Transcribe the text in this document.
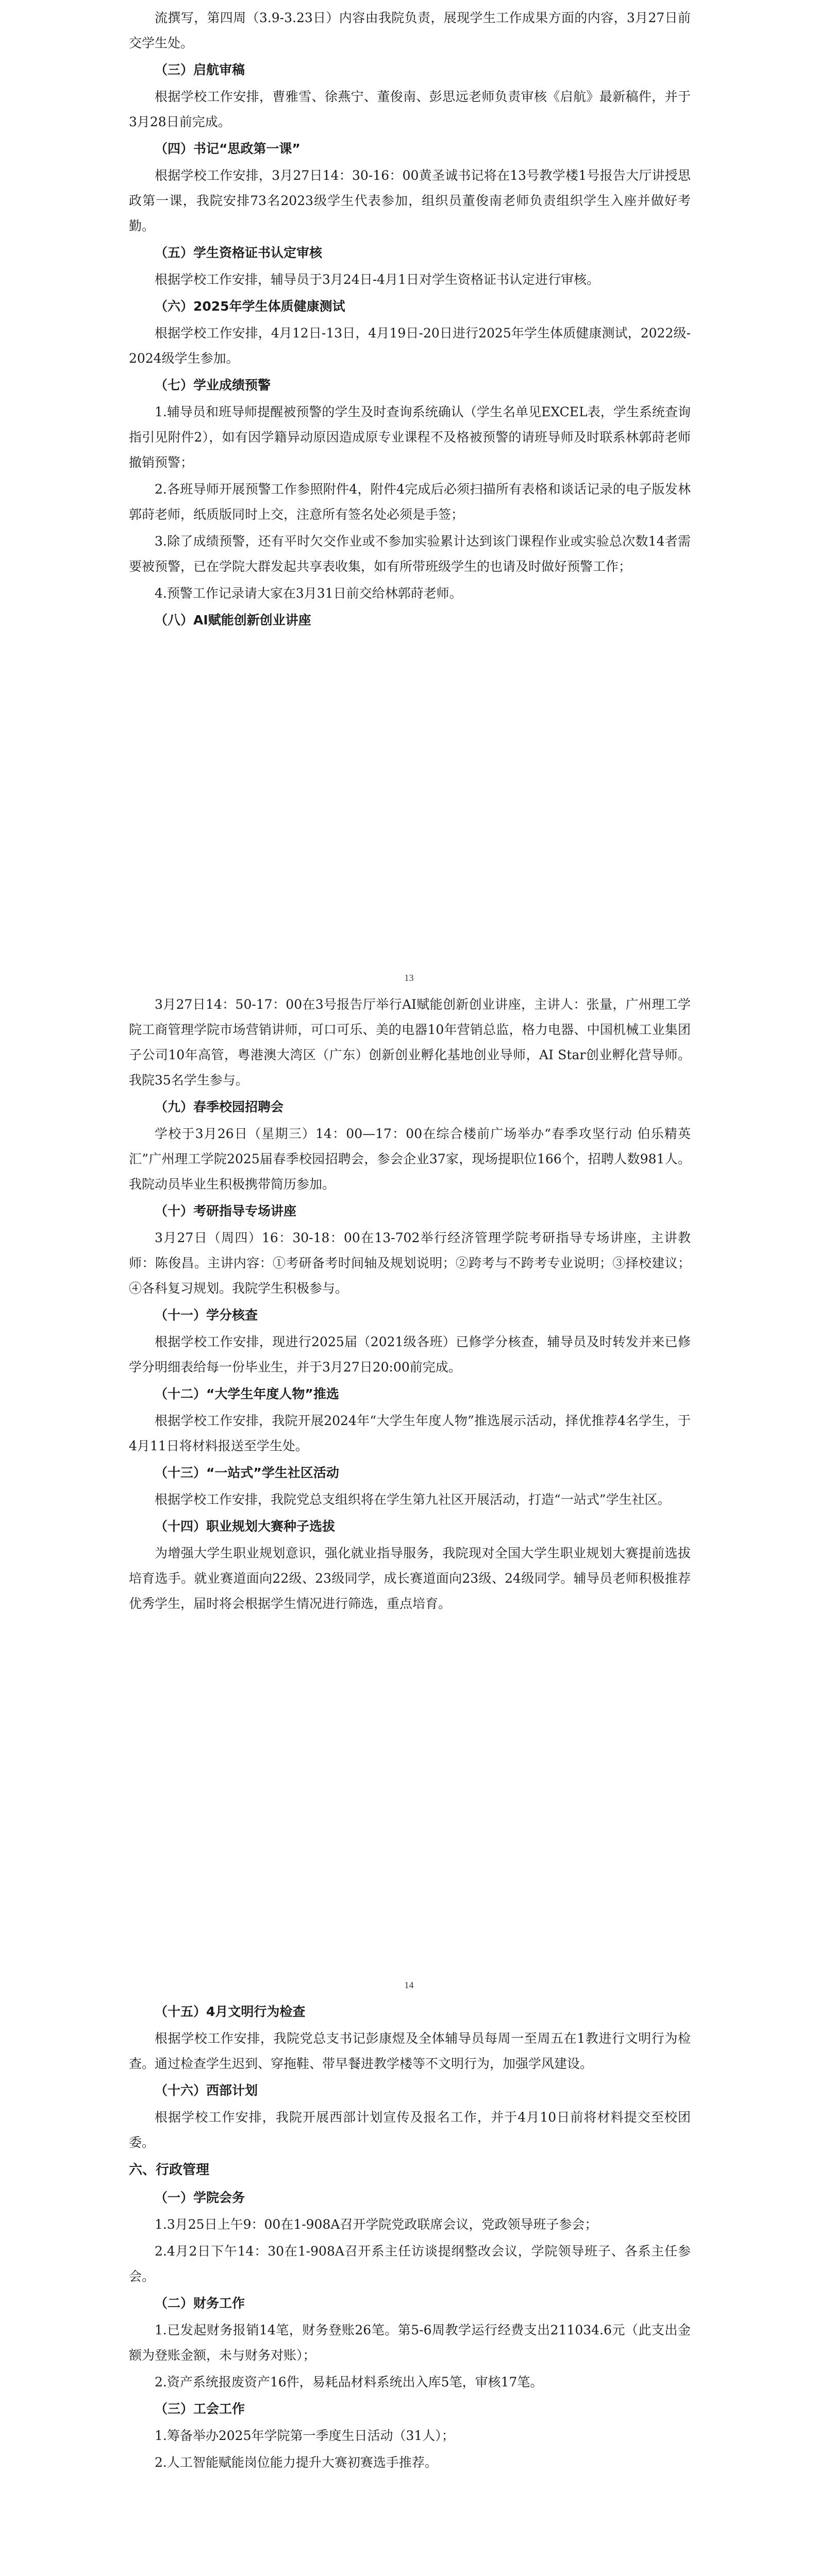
流撰写，第四周（3.9-3.23日）内容由我院负责，展现学生工作成果方面的内容，3月27日前交学生处。
（三）启航审稿
根据学校工作安排，曹雅雪、徐燕宁、董俊南、彭思远老师负责审核《启航》最新稿件，并于3月28日前完成。
（四）书记“思政第一课”
根据学校工作安排，3月27日14：30-16：00黄圣诚书记将在13号教学楼1号报告大厅讲授思政第一课，我院安排73名2023级学生代表参加，组织员董俊南老师负责组织学生入座并做好考勤。
（五）学生资格证书认定审核
根据学校工作安排，辅导员于3月24日-4月1日对学生资格证书认定进行审核。
（六）2025年学生体质健康测试
根据学校工作安排，4月12日-13日，4月19日-20日进行2025年学生体质健康测试，2022级-2024级学生参加。
（七）学业成绩预警
1.辅导员和班导师提醒被预警的学生及时查询系统确认（学生名单见EXCEL表，学生系统查询指引见附件2），如有因学籍异动原因造成原专业课程不及格被预警的请班导师及时联系林郭莳老师撤销预警；
2.各班导师开展预警工作参照附件4，附件4完成后必须扫描所有表格和谈话记录的电子版发林郭莳老师，纸质版同时上交，注意所有签名处必须是手签；
3.除了成绩预警，还有平时欠交作业或不参加实验累计达到该门课程作业或实验总次数14者需要被预警，已在学院大群发起共享表收集，如有所带班级学生的也请及时做好预警工作；
4.预警工作记录请大家在3月31日前交给林郭莳老师。
（八）AI赋能创新创业讲座
13
3月27日14：50-17：00在3号报告厅举行AI赋能创新创业讲座，主讲人：张量，广州理工学院工商管理学院市场营销讲师，可口可乐、美的电器10年营销总监，格力电器、中国机械工业集团子公司10年高管，粤港澳大湾区（广东）创新创业孵化基地创业导师，AI Star创业孵化营导师。我院35名学生参与。
（九）春季校园招聘会
学校于3月26日（星期三）14：00—17：00在综合楼前广场举办“春季攻坚行动 伯乐精英汇”广州理工学院2025届春季校园招聘会，参会企业37家，现场提职位166个，招聘人数981人。我院动员毕业生积极携带简历参加。
（十）考研指导专场讲座
3月27日（周四）16：30-18：00在13-702举行经济管理学院考研指导专场讲座，主讲教师：陈俊昌。主讲内容：①考研备考时间轴及规划说明；②跨考与不跨考专业说明；③择校建议；④各科复习规划。我院学生积极参与。
（十一）学分核查
根据学校工作安排，现进行2025届（2021级各班）已修学分核查，辅导员及时转发并来已修学分明细表给每一份毕业生，并于3月27日20:00前完成。
（十二）“大学生年度人物”推选
根据学校工作安排，我院开展2024年“大学生年度人物”推选展示活动，择优推荐4名学生，于4月11日将材料报送至学生处。
（十三）“一站式”学生社区活动
根据学校工作安排，我院党总支组织将在学生第九社区开展活动，打造“一站式”学生社区。
（十四）职业规划大赛种子选拔
为增强大学生职业规划意识，强化就业指导服务，我院现对全国大学生职业规划大赛提前选拔培育选手。就业赛道面向22级、23级同学，成长赛道面向23级、24级同学。辅导员老师积极推荐优秀学生，届时将会根据学生情况进行筛选，重点培育。
14
（十五）4月文明行为检查
根据学校工作安排，我院党总支书记彭康煜及全体辅导员每周一至周五在1教进行文明行为检查。通过检查学生迟到、穿拖鞋、带早餐进教学楼等不文明行为，加强学风建设。
（十六）西部计划
根据学校工作安排，我院开展西部计划宣传及报名工作，并于4月10日前将材料提交至校团委。
六、行政管理
（一）学院会务
1.3月25日上午9：00在1-908A召开学院党政联席会议，党政领导班子参会；
2.4月2日下午14：30在1-908A召开系主任访谈提纲整改会议，学院领导班子、各系主任参会。
（二）财务工作
1.已发起财务报销14笔，财务登账26笔。第5-6周教学运行经费支出211034.6元（此支出金额为登账金额，未与财务对账）；
2.资产系统报废资产16件，易耗品材料系统出入库5笔，审核17笔。
（三）工会工作
1.筹备举办2025年学院第一季度生日活动（31人）；
2.人工智能赋能岗位能力提升大赛初赛选手推荐。
